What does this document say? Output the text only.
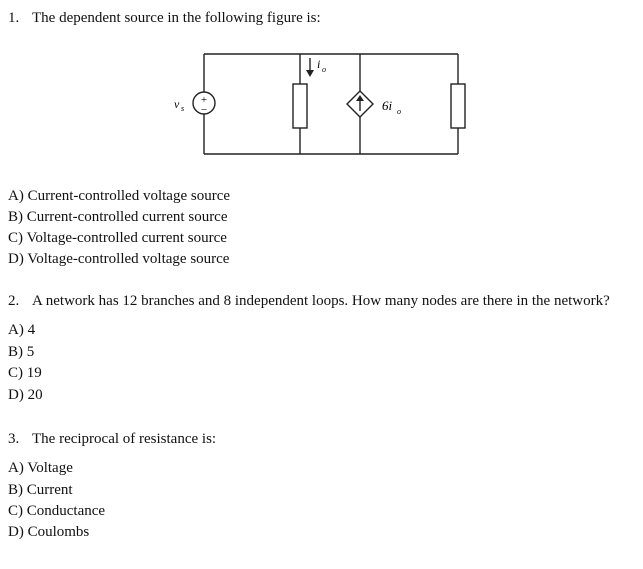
1. The dependent source in the following figure is:
+
−
v s
i o
6i o
A) Current-controlled voltage source
B) Current-controlled current source
C) Voltage-controlled current source
D) Voltage-controlled voltage source
2. A network has 12 branches and 8 independent loops. How many nodes are there in the network?
A) 4
B) 5
C) 19
D) 20
3. The reciprocal of resistance is:
A) Voltage
B) Current
C) Conductance
D) Coulombs
